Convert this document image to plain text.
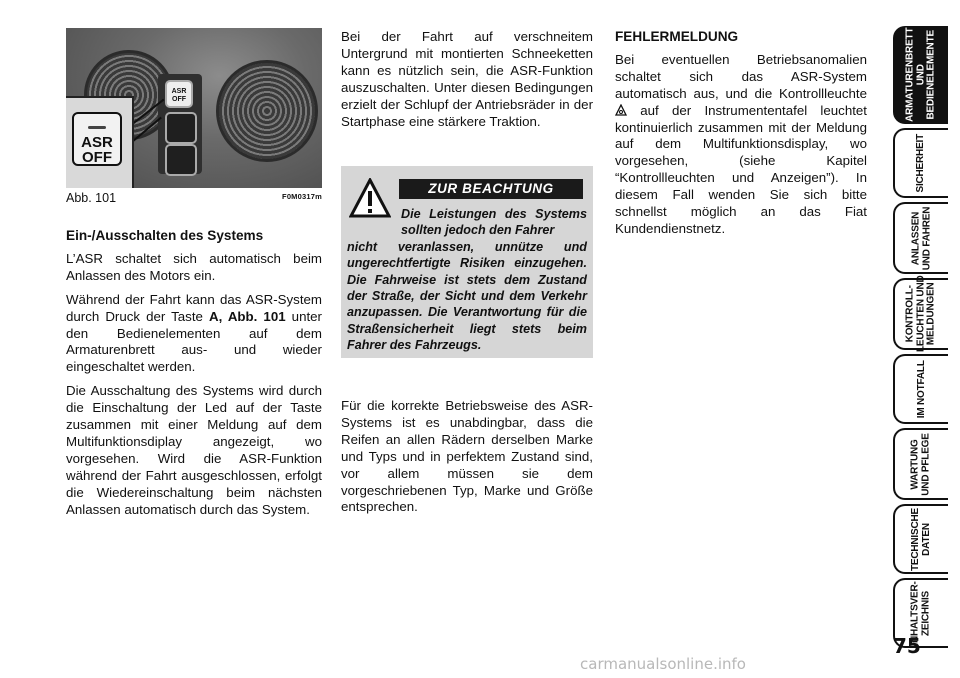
ASR
OFF
ASR
OFF
Abb. 101	F0M0317m
Ein-/Ausschalten des Systems

L’ASR schaltet sich automatisch beim Anlassen des Motors ein.

Während der Fahrt kann das ASR-System durch Druck der Taste A, Abb. 101 unter den Bedienelementen auf dem Armaturenbrett aus- und wieder eingeschaltet werden.

Die Ausschaltung des Systems wird durch die Einschaltung der Led auf der Taste zusammen mit einer Meldung auf dem Multifunktionsdiplay angezeigt, wo vorgesehen. Wird die ASR-Funktion während der Fahrt ausgeschlossen, erfolgt die Wiedereinschaltung beim nächsten Anlassen automatisch durch das System.

Bei der Fahrt auf verschneitem Untergrund mit montierten Schneeketten kann es nützlich sein, die ASR-Funktion auszuschalten. Unter diesen Bedingungen erzielt der Schlupf der Antriebsräder in der Startphase eine stärkere Traktion.

ZUR BEACHTUNG
Die Leistungen des Systems sollten jedoch den Fahrer
nicht veranlassen, unnütze und ungerechtfertigte Risiken einzugehen. Die Fahrweise ist stets dem Zustand der Straße, der Sicht und dem Verkehr anzupassen. Die Verantwortung für die Straßensicherheit liegt stets beim Fahrer des Fahrzeugs.

Für die korrekte Betriebsweise des ASR-Systems ist es unabdingbar, dass die Reifen an allen Rädern derselben Marke und Typs und in perfektem Zustand sind, vor allem müssen sie dem vorgeschriebenen Typ, Marke und Größe entsprechen.

FEHLERMELDUNG

Bei eventuellen Betriebsanomalien schaltet sich das ASR-System automatisch aus, und die Kontrollleuchte  auf der Instrumententafel leuchtet kontinuierlich zusammen mit der Meldung auf dem Multifunktionsdisplay, wo vorgesehen, (siehe Kapitel “Kontrollleuchten und Anzeigen”). In diesem Fall wenden Sie sich bitte schnellst möglich an das Fiat Kundendienstnetz.

ARMATURENBRETT
UND
BEDIENELEMENTE
SICHERHEIT
ANLASSEN
UND FAHREN
KONTROLL-
LEUCHTEN UND
MELDUNGEN
IM NOTFALL
WARTUNG
UND PFLEGE
TECHNISCHE
DATEN
INHALTSVER-
ZEICHNIS
75
carmanualsonline.info
